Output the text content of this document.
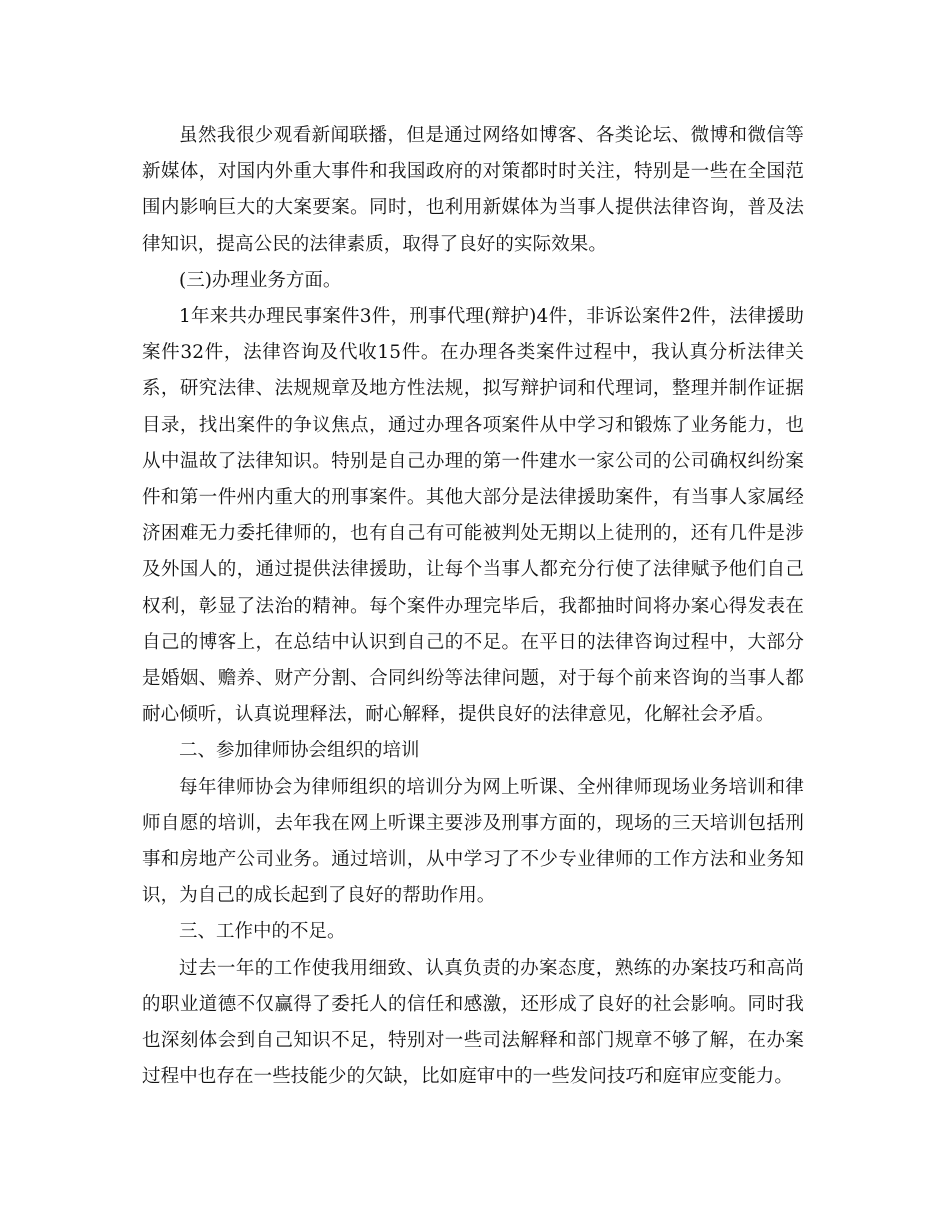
虽然我很少观看新闻联播，但是通过网络如博客、各类论坛、微博和微信等新媒体，对国内外重大事件和我国政府的对策都时时关注，特别是一些在全国范围内影响巨大的大案要案。同时，也利用新媒体为当事人提供法律咨询，普及法律知识，提高公民的法律素质，取得了良好的实际效果。

(三)办理业务方面。

1年来共办理民事案件3件，刑事代理(辩护)4件，非诉讼案件2件，法律援助案件32件，法律咨询及代收15件。在办理各类案件过程中，我认真分析法律关系，研究法律、法规规章及地方性法规，拟写辩护词和代理词，整理并制作证据目录，找出案件的争议焦点，通过办理各项案件从中学习和锻炼了业务能力，也从中温故了法律知识。特别是自己办理的第一件建水一家公司的公司确权纠纷案件和第一件州内重大的刑事案件。其他大部分是法律援助案件，有当事人家属经济困难无力委托律师的，也有自己有可能被判处无期以上徒刑的，还有几件是涉及外国人的，通过提供法律援助，让每个当事人都充分行使了法律赋予他们自己权利，彰显了法治的精神。每个案件办理完毕后，我都抽时间将办案心得发表在自己的博客上，在总结中认识到自己的不足。在平日的法律咨询过程中，大部分是婚姻、赡养、财产分割、合同纠纷等法律问题，对于每个前来咨询的当事人都耐心倾听，认真说理释法，耐心解释，提供良好的法律意见，化解社会矛盾。

二、参加律师协会组织的培训

每年律师协会为律师组织的培训分为网上听课、全州律师现场业务培训和律师自愿的培训，去年我在网上听课主要涉及刑事方面的，现场的三天培训包括刑事和房地产公司业务。通过培训，从中学习了不少专业律师的工作方法和业务知识，为自己的成长起到了良好的帮助作用。

三、工作中的不足。

过去一年的工作使我用细致、认真负责的办案态度，熟练的办案技巧和高尚的职业道德不仅赢得了委托人的信任和感激，还形成了良好的社会影响。同时我也深刻体会到自己知识不足，特别对一些司法解释和部门规章不够了解，在办案过程中也存在一些技能少的欠缺，比如庭审中的一些发问技巧和庭审应变能力。
